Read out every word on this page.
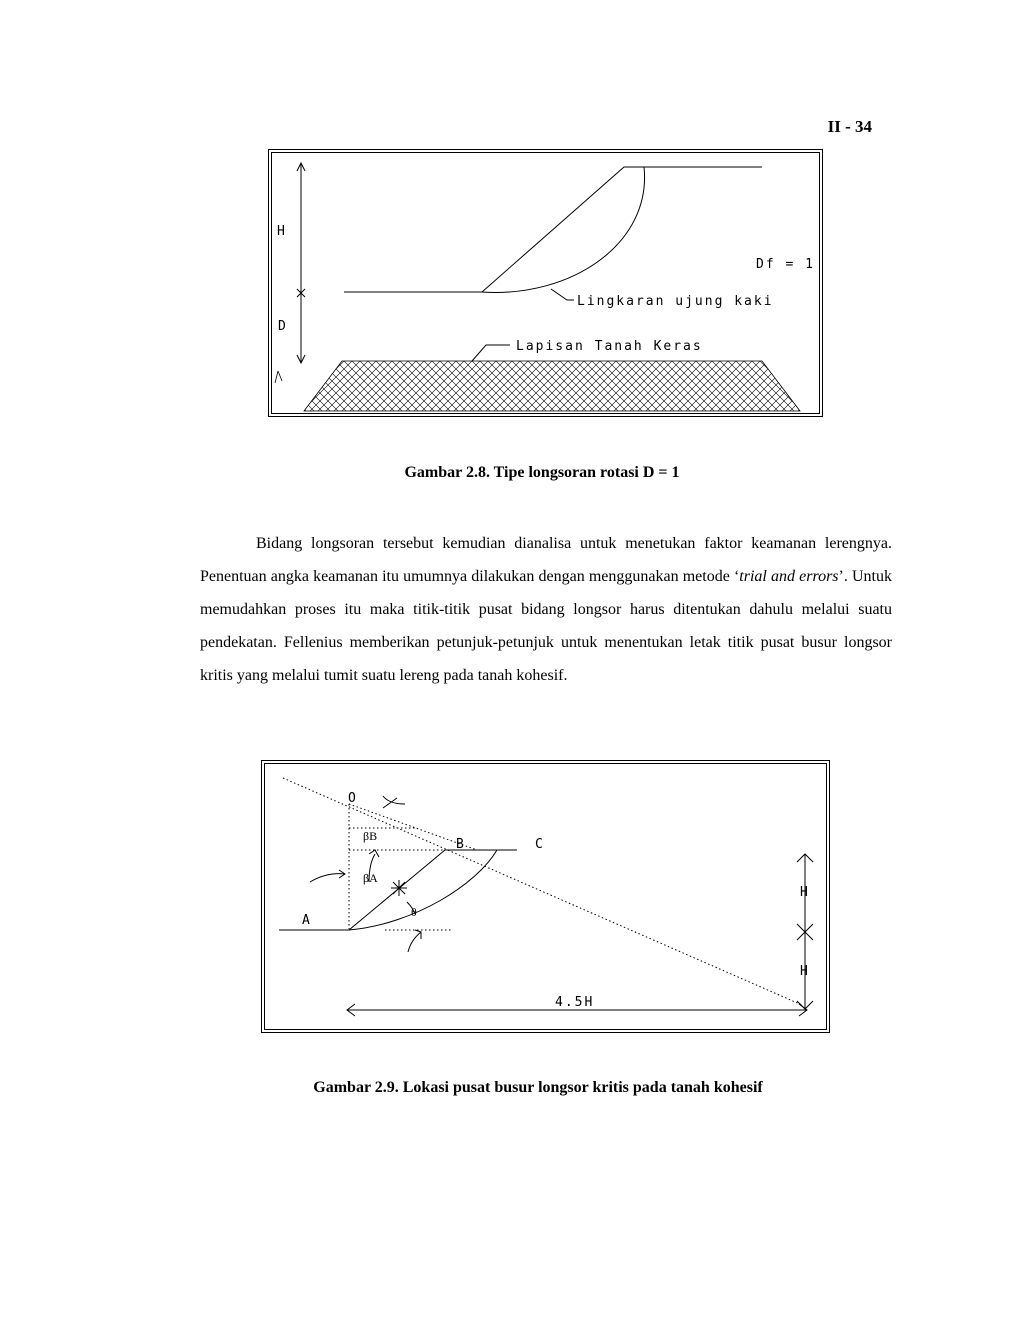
II - 34
H
D
Df = 1
Lingkaran ujung kaki
Lapisan Tanah Keras
Gambar 2.8. Tipe longsoran rotasi D = 1

Bidang longsoran tersebut kemudian dianalisa untuk menetukan faktor keamanan lerengnya. Penentuan angka keamanan itu umumnya dilakukan dengan menggunakan metode ‘trial and errors’. Untuk memudahkan proses itu maka titik-titik pusat bidang longsor harus ditentukan dahulu melalui suatu pendekatan. Fellenius memberikan petunjuk-petunjuk untuk menentukan letak titik pusat busur longsor kritis yang melalui tumit suatu lereng pada tanah kohesif.

O
βB
B	C
βA
A
θ
H
H
4.5H
Gambar 2.9. Lokasi pusat busur longsor kritis pada tanah kohesif
